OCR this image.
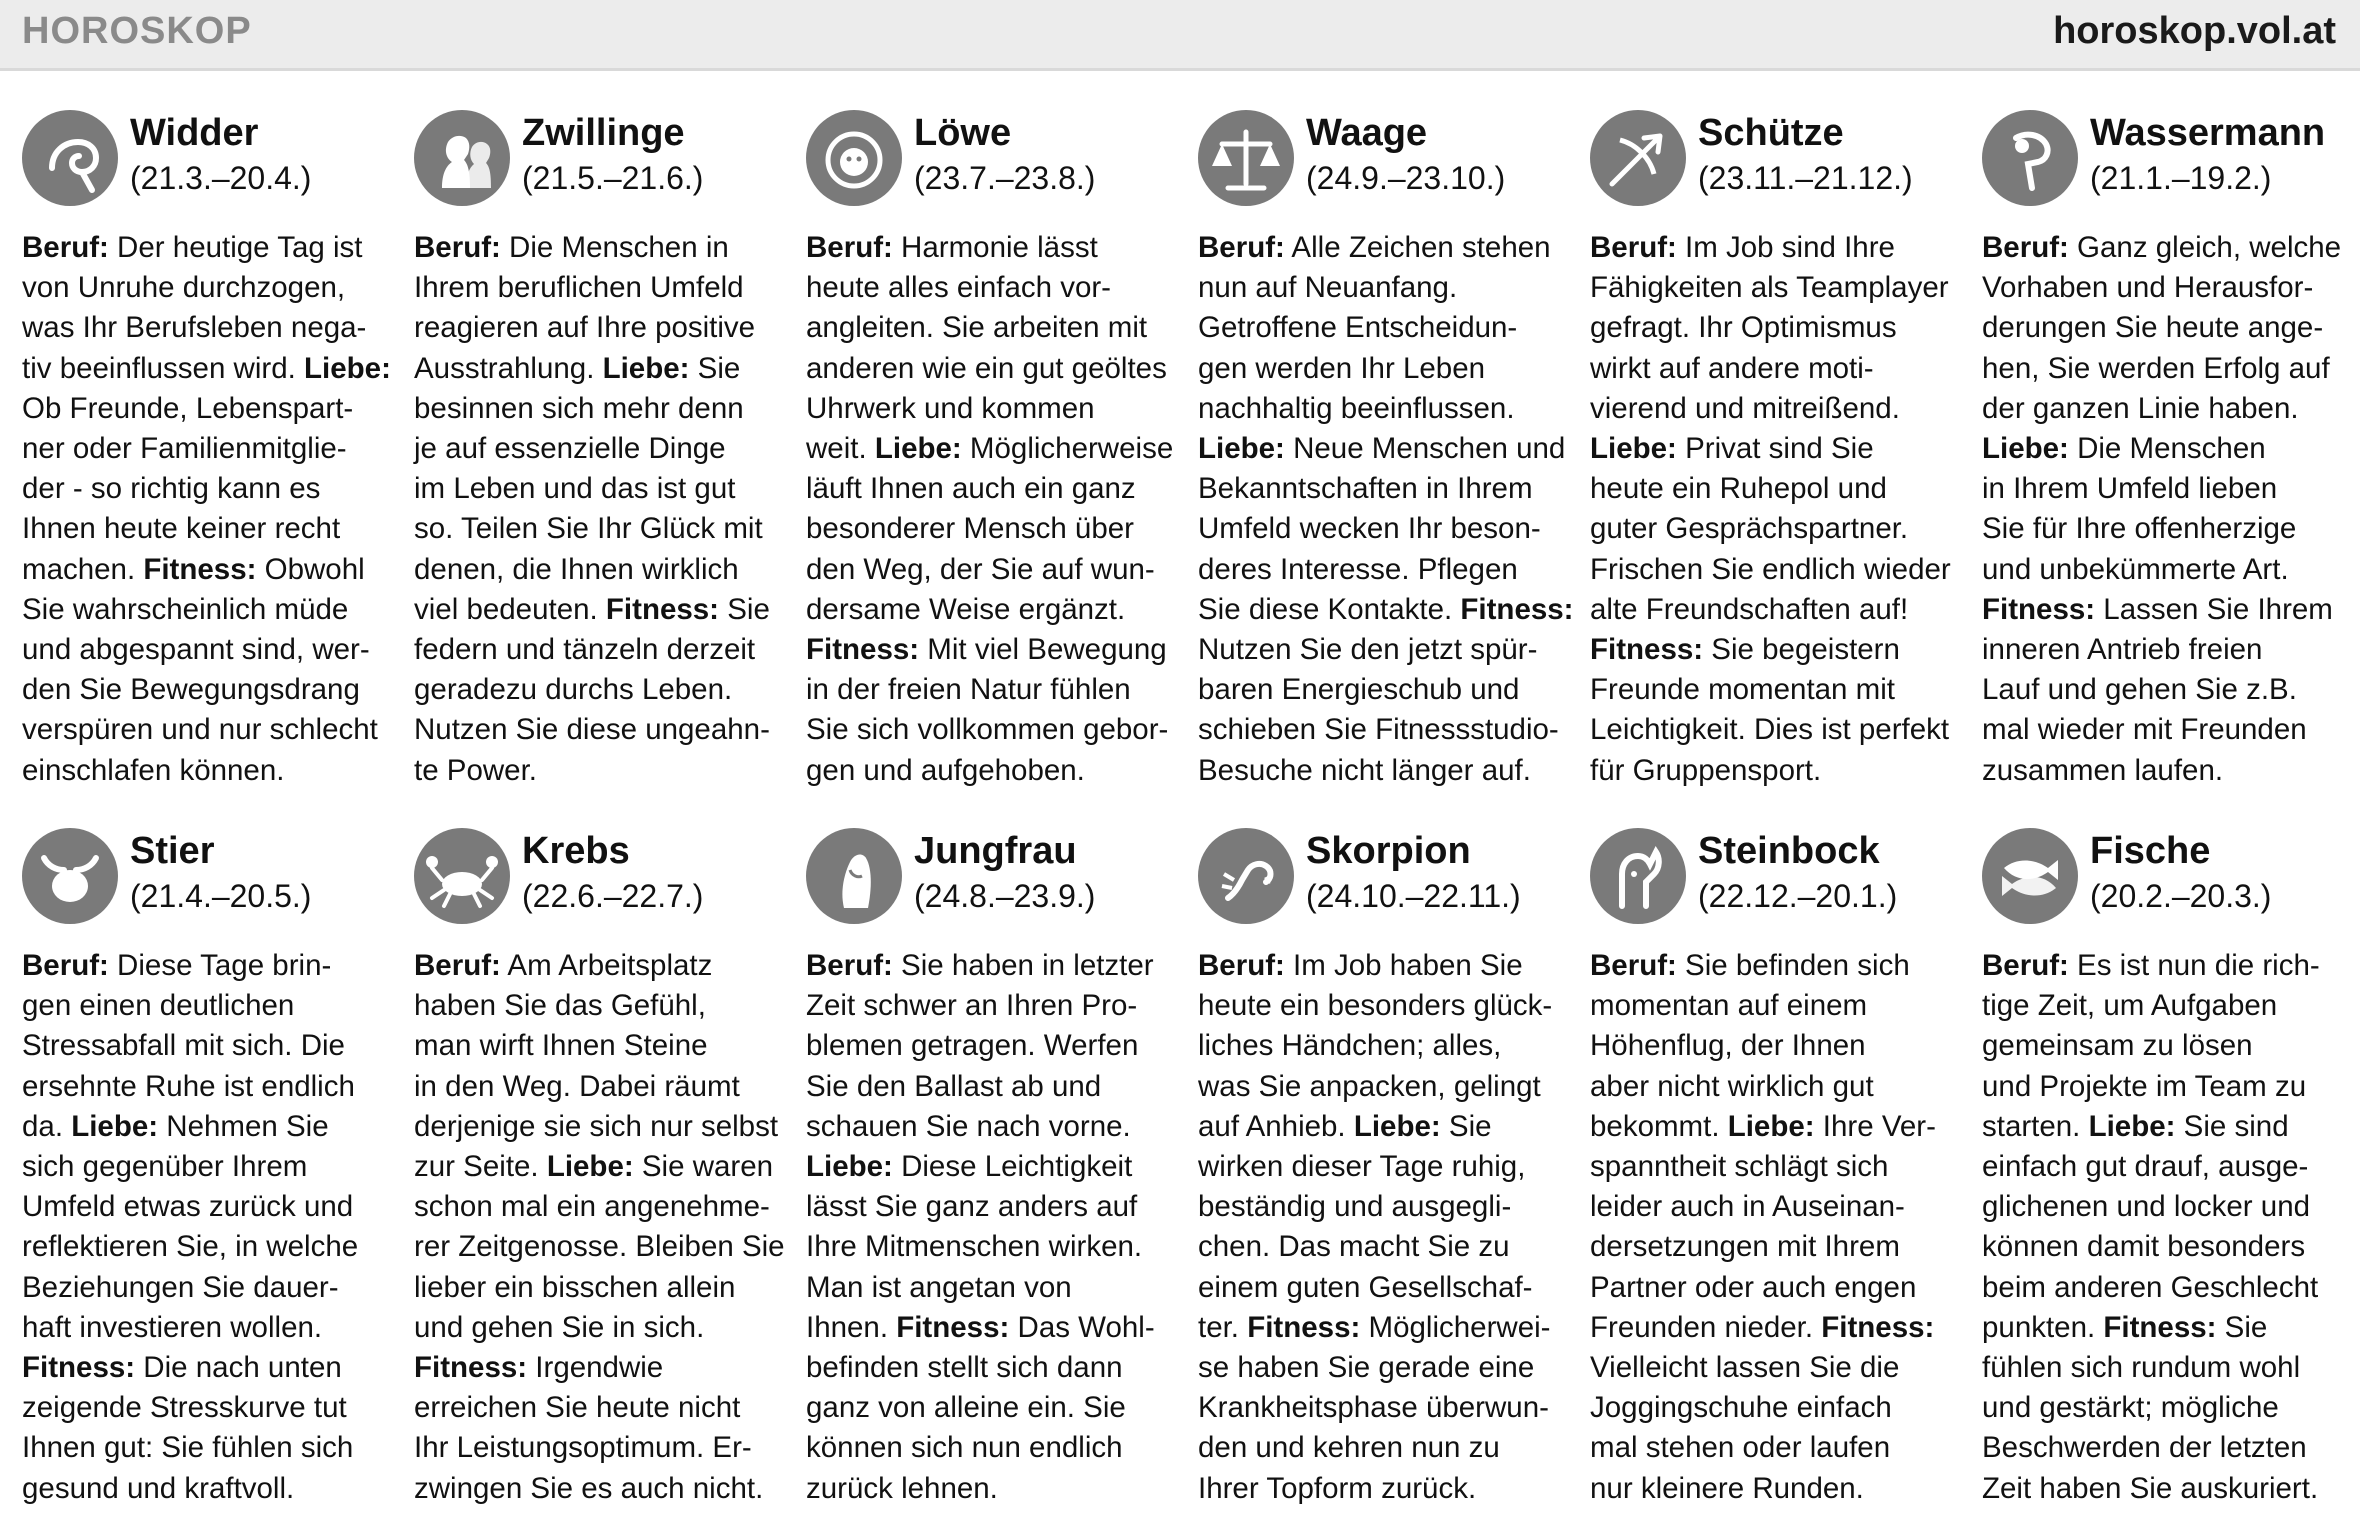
HOROSKOP	horoskop.vol.at
Widder
(21.3.–20.4.)
Beruf: Der heutige Tag ist
von Unruhe durchzogen,
was Ihr Berufsleben nega-
tiv beeinflussen wird. Liebe:
Ob Freunde, Lebenspart-
ner oder Familienmitglie-
der - so richtig kann es
Ihnen heute keiner recht
machen. Fitness: Obwohl
Sie wahrscheinlich müde
und abgespannt sind, wer-
den Sie Bewegungsdrang
verspüren und nur schlecht
einschlafen können.
Zwillinge
(21.5.–21.6.)
Beruf: Die Menschen in
Ihrem beruflichen Umfeld
reagieren auf Ihre positive
Ausstrahlung. Liebe: Sie
besinnen sich mehr denn
je auf essenzielle Dinge
im Leben und das ist gut
so. Teilen Sie Ihr Glück mit
denen, die Ihnen wirklich
viel bedeuten. Fitness: Sie
federn und tänzeln derzeit
geradezu durchs Leben.
Nutzen Sie diese ungeahn-
te Power.
Löwe
(23.7.–23.8.)
Beruf: Harmonie lässt
heute alles einfach vor-
angleiten. Sie arbeiten mit
anderen wie ein gut geöltes
Uhrwerk und kommen
weit. Liebe: Möglicherweise
läuft Ihnen auch ein ganz
besonderer Mensch über
den Weg, der Sie auf wun-
dersame Weise ergänzt.
Fitness: Mit viel Bewegung
in der freien Natur fühlen
Sie sich vollkommen gebor-
gen und aufgehoben.
Waage
(24.9.–23.10.)
Beruf: Alle Zeichen stehen
nun auf Neuanfang.
Getroffene Entscheidun-
gen werden Ihr Leben
nachhaltig beeinflussen.
Liebe: Neue Menschen und
Bekanntschaften in Ihrem
Umfeld wecken Ihr beson-
deres Interesse. Pflegen
Sie diese Kontakte. Fitness:
Nutzen Sie den jetzt spür-
baren Energieschub und
schieben Sie Fitnessstudio-
Besuche nicht länger auf.
Schütze
(23.11.–21.12.)
Beruf: Im Job sind Ihre
Fähigkeiten als Teamplayer
gefragt. Ihr Optimismus
wirkt auf andere moti-
vierend und mitreißend.
Liebe: Privat sind Sie
heute ein Ruhepol und
guter Gesprächspartner.
Frischen Sie endlich wieder
alte Freundschaften auf!
Fitness: Sie begeistern
Freunde momentan mit
Leichtigkeit. Dies ist perfekt
für Gruppensport.
Wassermann
(21.1.–19.2.)
Beruf: Ganz gleich, welche
Vorhaben und Herausfor-
derungen Sie heute ange-
hen, Sie werden Erfolg auf
der ganzen Linie haben.
Liebe: Die Menschen
in Ihrem Umfeld lieben
Sie für Ihre offenherzige
und unbekümmerte Art.
Fitness: Lassen Sie Ihrem
inneren Antrieb freien
Lauf und gehen Sie z.B.
mal wieder mit Freunden
zusammen laufen.
Stier
(21.4.–20.5.)
Beruf: Diese Tage brin-
gen einen deutlichen
Stressabfall mit sich. Die
ersehnte Ruhe ist endlich
da. Liebe: Nehmen Sie
sich gegenüber Ihrem
Umfeld etwas zurück und
reflektieren Sie, in welche
Beziehungen Sie dauer-
haft investieren wollen.
Fitness: Die nach unten
zeigende Stresskurve tut
Ihnen gut: Sie fühlen sich
gesund und kraftvoll.
Krebs
(22.6.–22.7.)
Beruf: Am Arbeitsplatz
haben Sie das Gefühl,
man wirft Ihnen Steine
in den Weg. Dabei räumt
derjenige sie sich nur selbst
zur Seite. Liebe: Sie waren
schon mal ein angenehme-
rer Zeitgenosse. Bleiben Sie
lieber ein bisschen allein
und gehen Sie in sich.
Fitness: Irgendwie
erreichen Sie heute nicht
Ihr Leistungsoptimum. Er-
zwingen Sie es auch nicht.
Jungfrau
(24.8.–23.9.)
Beruf: Sie haben in letzter
Zeit schwer an Ihren Pro-
blemen getragen. Werfen
Sie den Ballast ab und
schauen Sie nach vorne.
Liebe: Diese Leichtigkeit
lässt Sie ganz anders auf
Ihre Mitmenschen wirken.
Man ist angetan von
Ihnen. Fitness: Das Wohl-
befinden stellt sich dann
ganz von alleine ein. Sie
können sich nun endlich
zurück lehnen.
Skorpion
(24.10.–22.11.)
Beruf: Im Job haben Sie
heute ein besonders glück-
liches Händchen; alles,
was Sie anpacken, gelingt
auf Anhieb. Liebe: Sie
wirken dieser Tage ruhig,
beständig und ausgegli-
chen. Das macht Sie zu
einem guten Gesellschaf-
ter. Fitness: Möglicherwei-
se haben Sie gerade eine
Krankheitsphase überwun-
den und kehren nun zu
Ihrer Topform zurück.
Steinbock
(22.12.–20.1.)
Beruf: Sie befinden sich
momentan auf einem
Höhenflug, der Ihnen
aber nicht wirklich gut
bekommt. Liebe: Ihre Ver-
spanntheit schlägt sich
leider auch in Auseinan-
dersetzungen mit Ihrem
Partner oder auch engen
Freunden nieder. Fitness:
Vielleicht lassen Sie die
Joggingschuhe einfach
mal stehen oder laufen
nur kleinere Runden.
Fische
(20.2.–20.3.)
Beruf: Es ist nun die rich-
tige Zeit, um Aufgaben
gemeinsam zu lösen
und Projekte im Team zu
starten. Liebe: Sie sind
einfach gut drauf, ausge-
glichenen und locker und
können damit besonders
beim anderen Geschlecht
punkten. Fitness: Sie
fühlen sich rundum wohl
und gestärkt; mögliche
Beschwerden der letzten
Zeit haben Sie auskuriert.
